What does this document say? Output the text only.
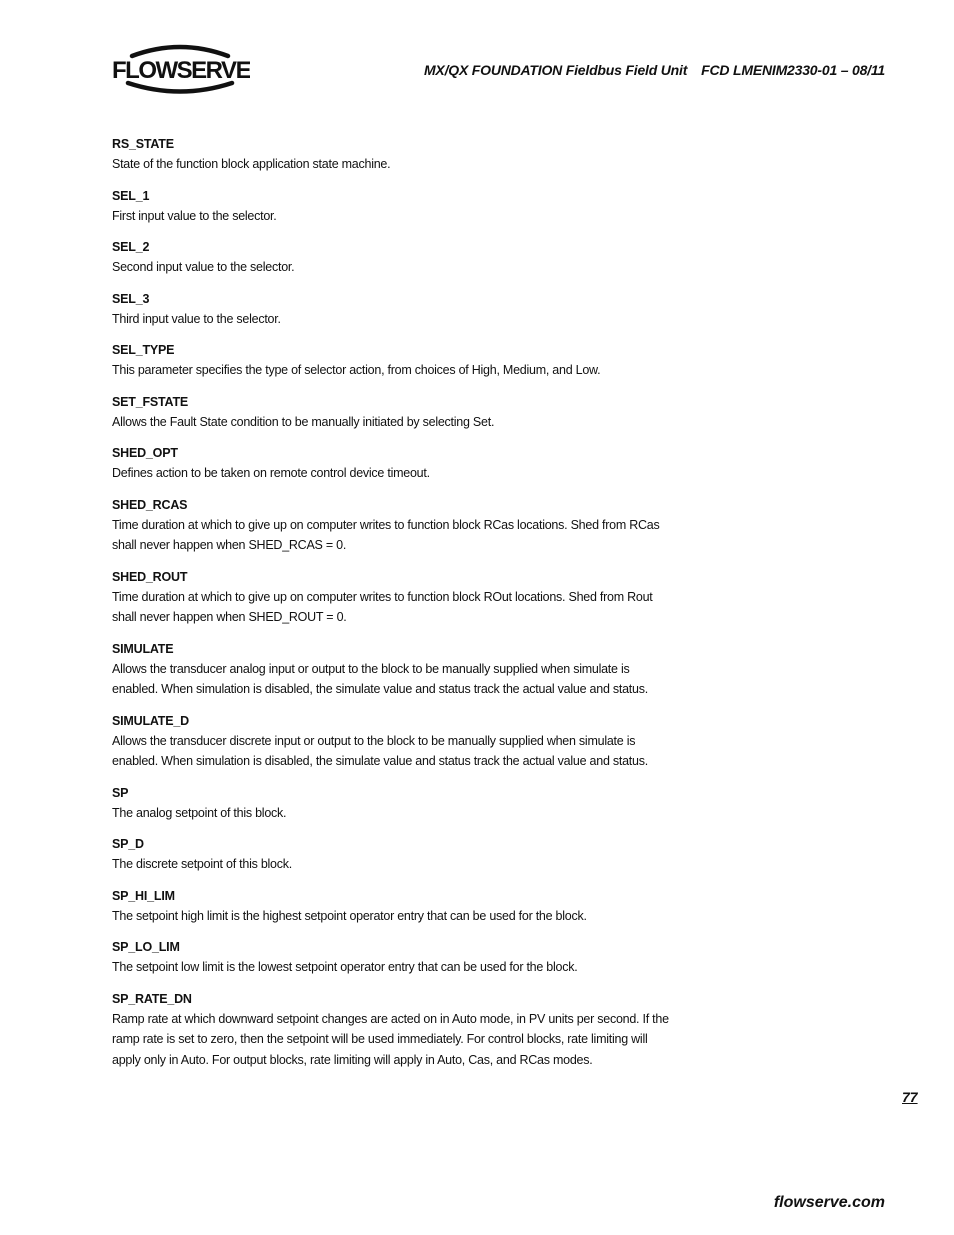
FLOWSERVE	MX/QX FOUNDATION Fieldbus Field Unit FCD LMENIM2330-01 – 08/11
RS_STATE
State of the function block application state machine.
SEL_1
First input value to the selector.
SEL_2
Second input value to the selector.
SEL_3
Third input value to the selector.
SEL_TYPE
This parameter specifies the type of selector action, from choices of High, Medium, and Low.
SET_FSTATE
Allows the Fault State condition to be manually initiated by selecting Set.
SHED_OPT
Defines action to be taken on remote control device timeout.
SHED_RCAS
Time duration at which to give up on computer writes to function block RCas locations. Shed from RCas shall never happen when SHED_RCAS = 0.
SHED_ROUT
Time duration at which to give up on computer writes to function block ROut locations. Shed from Rout shall never happen when SHED_ROUT = 0.
SIMULATE
Allows the transducer analog input or output to the block to be manually supplied when simulate is enabled. When simulation is disabled, the simulate value and status track the actual value and status.
SIMULATE_D
Allows the transducer discrete input or output to the block to be manually supplied when simulate is enabled. When simulation is disabled, the simulate value and status track the actual value and status.
SP
The analog setpoint of this block.
SP_D
The discrete setpoint of this block.
SP_HI_LIM
The setpoint high limit is the highest setpoint operator entry that can be used for the block.
SP_LO_LIM
The setpoint low limit is the lowest setpoint operator entry that can be used for the block.
SP_RATE_DN
Ramp rate at which downward setpoint changes are acted on in Auto mode, in PV units per second. If the ramp rate is set to zero, then the setpoint will be used immediately. For control blocks, rate limiting will apply only in Auto. For output blocks, rate limiting will apply in Auto, Cas, and RCas modes.
77
flowserve.com
